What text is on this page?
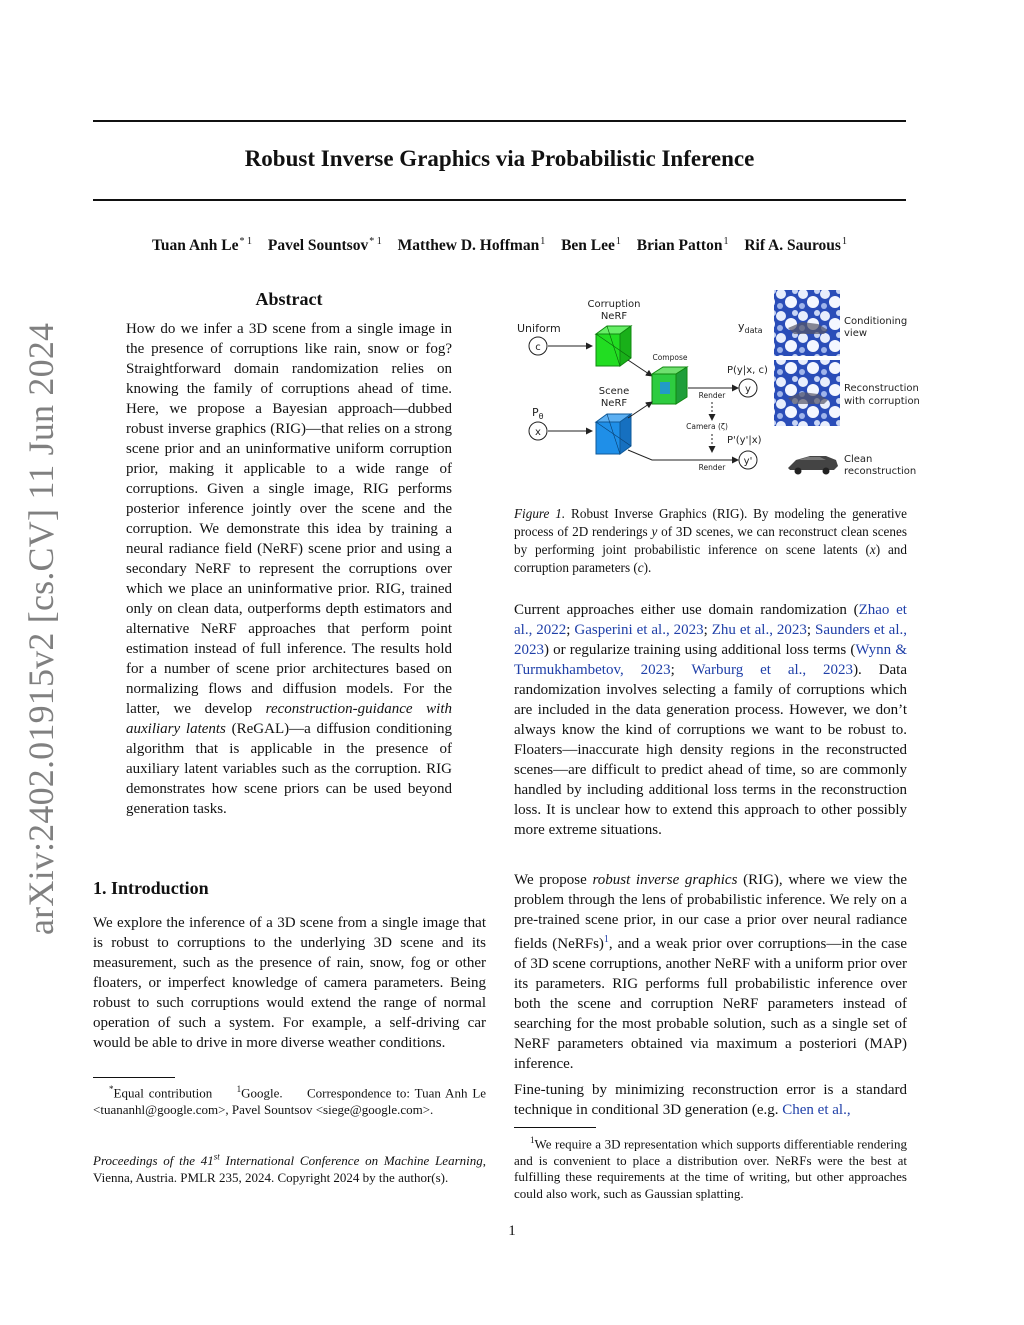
Robust Inverse Graphics via Probabilistic Inference
Tuan Anh Le$^{* 1}$ Pavel Sountsov$^{* 1}$ Matthew D. Hoffman$^1$ Ben Lee$^1$ Brian Patton$^1$ Rif A. Saurous$^1$
arXiv:2402.01915v2 [cs.CV] 11 Jun 2024
Abstract
How do we infer a 3D scene from a single image in the presence of corruptions like rain, snow or fog? Straightforward domain randomization relies on knowing the family of corruptions ahead of time. Here, we propose a Bayesian approach—dubbed robust inverse graphics (RIG)—that relies on a strong scene prior and an uninformative uniform corruption prior, making it applicable to a wide range of corruptions. Given a single image, RIG performs posterior inference jointly over the scene and the corruption. We demonstrate this idea by training a neural radiance field (NeRF) scene prior and using a secondary NeRF to represent the corruptions over which we place an uninformative prior. RIG, trained only on clean data, outperforms depth estimators and alternative NeRF approaches that perform point estimation instead of full inference. The results hold for a number of scene prior architectures based on normalizing flows and diffusion models. For the latter, we develop reconstruction-guidance with auxiliary latents (ReGAL)—a diffusion conditioning algorithm that is applicable in the presence of auxiliary latent variables such as the corruption. RIG demonstrates how scene priors can be used beyond generation tasks.
1. Introduction
We explore the inference of a 3D scene from a single image that is robust to corruptions to the underlying 3D scene and its measurement, such as the presence of rain, snow, fog or other floaters, or imperfect knowledge of camera parameters. Being robust to such corruptions would extend the range of normal operation of such a system. For example, a self-driving car would be able to drive in more diverse weather conditions.
*Equal contribution	$^1$Google. Correspondence to: Tuan Anh Le <tuananhl@google.com>, Pavel Sountsov <siege@google.com>.
Proceedings of the 41st International Conference on Machine Learning, Vienna, Austria. PMLR 235, 2024. Copyright 2024 by the author(s).
Uniform
c
Corruption
NeRF
Compose
Render
Scene
NeRF
Render
$P_\theta$
x
Camera (ζ)
$y_{data}$
P(y|x, c)
y
P'(y'|x)
y'
Conditioning
view
Reconstruction
with corruption
Clean
reconstruction
Figure 1. Robust Inverse Graphics (RIG). By modeling the generative process of 2D renderings y of 3D scenes, we can reconstruct clean scenes by performing joint probabilistic inference on scene latents (x) and corruption parameters (c).
Current approaches either use domain randomization (Zhao et al., 2022; Gasperini et al., 2023; Zhu et al., 2023; Saunders et al., 2023) or regularize training using additional loss terms (Wynn & Turmukhambetov, 2023; Warburg et al., 2023). Data randomization involves selecting a family of corruptions which are included in the data generation process. However, we don’t always know the kind of corruptions we want to be robust to. Floaters—inaccurate high density regions in the reconstructed scenes—are difficult to predict ahead of time, so are commonly handled by including additional loss terms in the reconstruction loss. It is unclear how to extend this approach to other possibly more extreme situations.
We propose robust inverse graphics (RIG), where we view the problem through the lens of probabilistic inference. We rely on a pre-trained scene prior, in our case a prior over neural radiance fields (NeRFs)$^1$, and a weak prior over corruptions—in the case of 3D scene corruptions, another NeRF with a uniform prior over its parameters. RIG performs full probabilistic inference over both the scene and corruption NeRF parameters instead of searching for the most probable solution, such as a single set of NeRF parameters obtained via maximum a posteriori (MAP) inference.
Fine-tuning by minimizing reconstruction error is a standard technique in conditional 3D generation (e.g. Chen et al.,
$^1$We require a 3D representation which supports differentiable rendering and is convenient to place a distribution over. NeRFs were the best at fulfilling these requirements at the time of writing, but other approaches could also work, such as Gaussian splatting.
1
